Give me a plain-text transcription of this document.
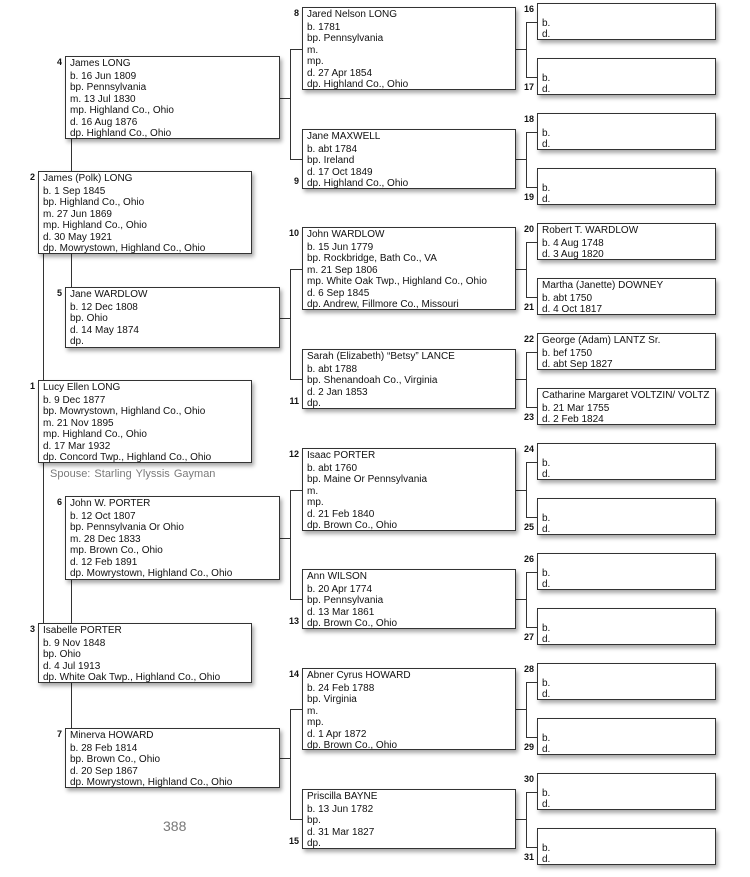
Lucy Ellen LONG
b. 9 Dec 1877
bp. Mowrystown, Highland Co., Ohio
m. 21 Nov 1895
mp. Highland Co., Ohio
d. 17 Mar 1932
dp. Concord Twp., Highland Co., Ohio
1
James (Polk) LONG
b. 1 Sep 1845
bp. Highland Co., Ohio
m. 27 Jun 1869
mp. Highland Co., Ohio
d. 30 May 1921
dp. Mowrystown, Highland Co., Ohio
2
Isabelle PORTER
b. 9 Nov 1848
bp. Ohio
d. 4 Jul 1913
dp. White Oak Twp., Highland Co., Ohio
3
James LONG
b. 16 Jun 1809
bp. Pennsylvania
m. 13 Jul 1830
mp. Highland Co., Ohio
d. 16 Aug 1876
dp. Highland Co., Ohio
4
Jane WARDLOW
b. 12 Dec 1808
bp. Ohio
d. 14 May 1874
dp.
5
John W. PORTER
b. 12 Oct 1807
bp. Pennsylvania Or Ohio
m. 28 Dec 1833
mp. Brown Co., Ohio
d. 12 Feb 1891
dp. Mowrystown, Highland Co., Ohio
6
Minerva HOWARD
b. 28 Feb 1814
bp. Brown Co., Ohio
d. 20 Sep 1867
dp. Mowrystown, Highland Co., Ohio
7
Jared Nelson LONG
b. 1781
bp. Pennsylvania
m.
mp.
d. 27 Apr 1854
dp. Highland Co., Ohio
8
Jane MAXWELL
b. abt 1784
bp. Ireland
d. 17 Oct 1849
dp. Highland Co., Ohio
9
John WARDLOW
b. 15 Jun 1779
bp. Rockbridge, Bath Co., VA
m. 21 Sep 1806
mp. White Oak Twp., Highland Co., Ohio
d. 6 Sep 1845
dp. Andrew, Fillmore Co., Missouri
10
Sarah (Elizabeth) “Betsy” LANCE
b. abt 1788
bp. Shenandoah Co., Virginia
d. 2 Jan 1853
dp.
11
Isaac PORTER
b. abt 1760
bp. Maine Or Pennsylvania
m.
mp.
d. 21 Feb 1840
dp. Brown Co., Ohio
12
Ann WILSON
b. 20 Apr 1774
bp. Pennsylvania
d. 13 Mar 1861
dp. Brown Co., Ohio
13
Abner Cyrus HOWARD
b. 24 Feb 1788
bp. Virginia
m.
mp.
d. 1 Apr 1872
dp. Brown Co., Ohio
14
Priscilla BAYNE
b. 13 Jun 1782
bp.
d. 31 Mar 1827
dp.
15
b.
d.
16
b.
d.
17
b.
d.
18
b.
d.
19
Robert T. WARDLOW
b. 4 Aug 1748
d. 3 Aug 1820
20
Martha (Janette) DOWNEY
b. abt 1750
d. 4 Oct 1817
21
George (Adam) LANTZ Sr.
b. bef 1750
d. abt Sep 1827
22
Catharine Margaret VOLTZIN/ VOLTZ
b. 21 Mar 1755
d. 2 Feb 1824
23
b.
d.
24
b.
d.
25
b.
d.
26
b.
d.
27
b.
d.
28
b.
d.
29
b.
d.
30
b.
d.
31
Spouse: Starling Ylyssis Gayman
388
